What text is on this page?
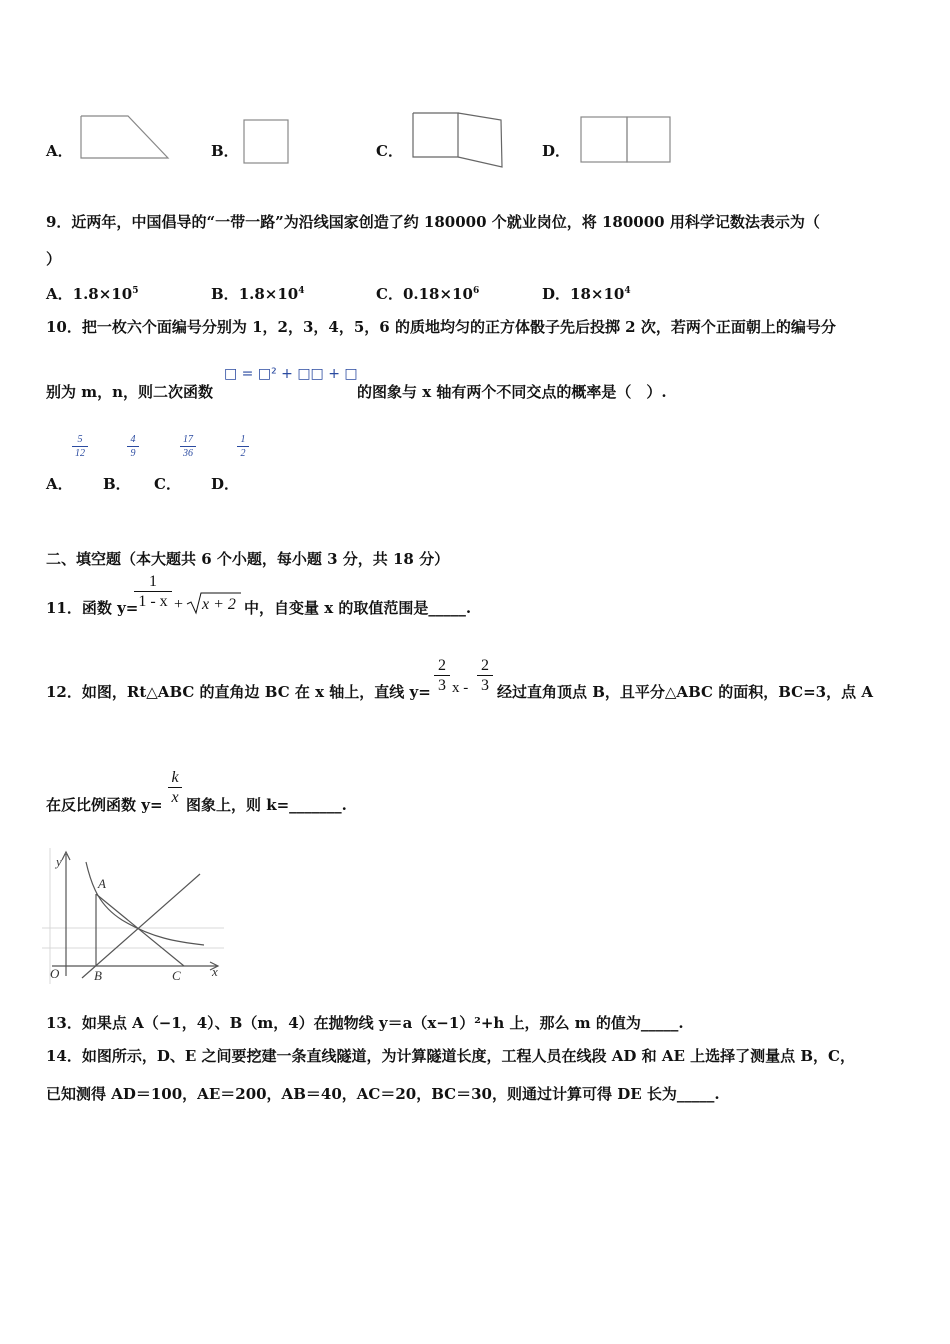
A．	B．	C．	D．
9．近两年，中国倡导的“一带一路”为沿线国家创造了约 180000 个就业岗位，将 180000 用科学记数法表示为（
）
A．$1.8\times 10^5$	B．$1.8\times 10^4$	C．$0.18\times 10^6$	D．$18\times 10^4$
10．把一枚六个面编号分别为 1，2，3，4，5，6 的质地均匀的正方体骰子先后投掷 2 次，若两个正面朝上的编号分
别为 m，n，则二次函数
□ = □² + □□ + □
的图象与 x 轴有两个不同交点的概率是（　）.
5
12
4
9
17
36
1
2
A． B． C． D．
二、填空题（本大题共 6 个小题，每小题 3 分，共 18 分）
11．函数 y=
1
1 - x + x + 2 中，自变量 x 的取值范围是_____.
12．如图，Rt△ABC 的直角边 BC 在 x 轴上，直线 y=
2
3 x -
2
3 经过直角顶点 B，且平分△ABC 的面积，BC=3，点 A
在反比例函数 y=
k
x 图象上，则 k=_______.
y
x
O
A
B	C
13．如果点 A（−1，4）、B（m，4）在抛物线 y＝a（x−1）²+h 上，那么 m 的值为_____.
14．如图所示，D、E 之间要挖建一条直线隧道，为计算隧道长度，工程人员在线段 AD 和 AE 上选择了测量点 B，C，
已知测得 AD＝100，AE＝200，AB＝40，AC＝20，BC＝30，则通过计算可得 DE 长为_____.
